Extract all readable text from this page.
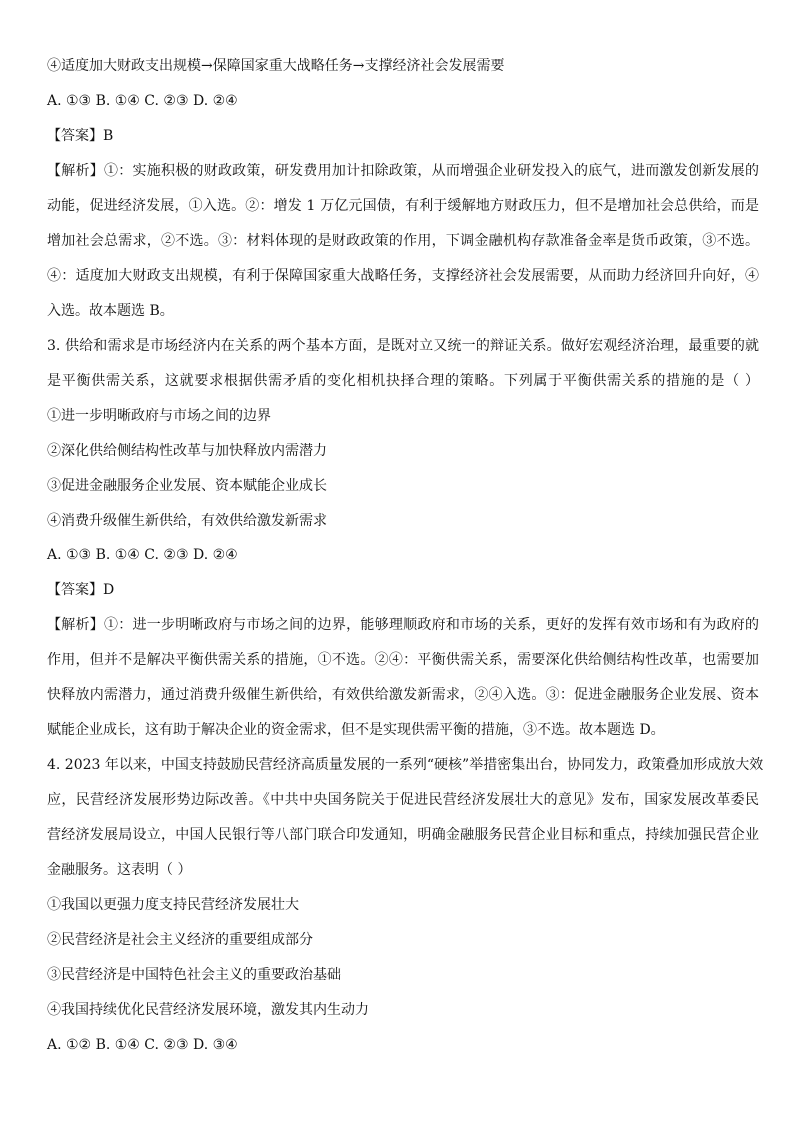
④适度加大财政支出规模→保障国家重大战略任务→支撑经济社会发展需要
A. ①③ B. ①④ C. ②③ D. ②④
【答案】B
【解析】①：实施积极的财政政策，研发费用加计扣除政策，从而增强企业研发投入的底气，进而激发创新发展的
动能，促进经济发展，①入选。②：增发 1 万亿元国债，有利于缓解地方财政压力，但不是增加社会总供给，而是
增加社会总需求，②不选。③：材料体现的是财政政策的作用，下调金融机构存款准备金率是货币政策，③不选。
④：适度加大财政支出规模，有利于保障国家重大战略任务，支撑经济社会发展需要，从而助力经济回升向好，④
入选。故本题选 B。
3. 供给和需求是市场经济内在关系的两个基本方面，是既对立又统一的辩证关系。做好宏观经济治理，最重要的就
是平衡供需关系，这就要求根据供需矛盾的变化相机抉择合理的策略。下列属于平衡供需关系的措施的是（ ）
①进一步明晰政府与市场之间的边界
②深化供给侧结构性改革与加快释放内需潜力
③促进金融服务企业发展、资本赋能企业成长
④消费升级催生新供给，有效供给激发新需求
A. ①③ B. ①④ C. ②③ D. ②④
【答案】D
【解析】①：进一步明晰政府与市场之间的边界，能够理顺政府和市场的关系，更好的发挥有效市场和有为政府的
作用，但并不是解决平衡供需关系的措施，①不选。②④：平衡供需关系，需要深化供给侧结构性改革，也需要加
快释放内需潜力，通过消费升级催生新供给，有效供给激发新需求，②④入选。③：促进金融服务企业发展、资本
赋能企业成长，这有助于解决企业的资金需求，但不是实现供需平衡的措施，③不选。故本题选 D。
4. 2023 年以来，中国支持鼓励民营经济高质量发展的一系列“硬核”举措密集出台，协同发力，政策叠加形成放大效
应，民营经济发展形势边际改善。《中共中央国务院关于促进民营经济发展壮大的意见》发布，国家发展改革委民
营经济发展局设立，中国人民银行等八部门联合印发通知，明确金融服务民营企业目标和重点，持续加强民营企业
金融服务。这表明（ ）
①我国以更强力度支持民营经济发展壮大
②民营经济是社会主义经济的重要组成部分
③民营经济是中国特色社会主义的重要政治基础
④我国持续优化民营经济发展环境，激发其内生动力
A. ①② B. ①④ C. ②③ D. ③④
